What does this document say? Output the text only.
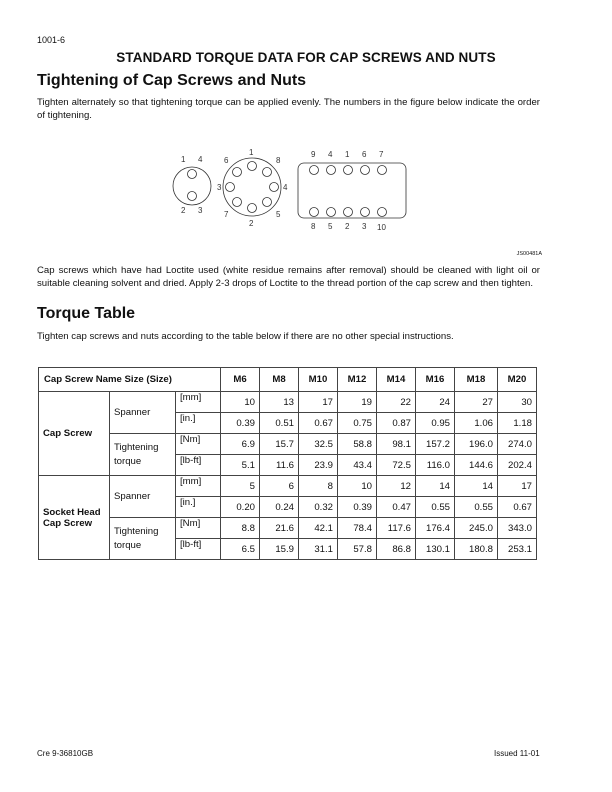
1001-6
STANDARD TORQUE DATA FOR CAP SCREWS AND NUTS
Tightening of Cap Screws and Nuts
Tighten alternately so that tightening torque can be applied evenly. The numbers in the figure below indicate the order of tightening.
1 4
2 3
1
2
3	4
5
6
7
8
9 4 1 6 7
8 5 2 3 10
JS00481A
Cap screws which have had Loctite used (white residue remains after removal) should be cleaned with light oil or suitable cleaning solvent and dried. Apply 2-3 drops of Loctite to the thread portion of the cap screw and then tighten.
Torque Table
Tighten cap screws and nuts according to the table below if there are no other special instructions.
Cap Screw Name Size (Size)			M6	M8	M10	M12	M14	M16	M18	M20
Cap Screw	Spanner	[mm]	10	13	17	19	22	24	27	30
		[in.]	0.39	0.51	0.67	0.75	0.87	0.95	1.06	1.18
	Tightening torque	[Nm]	6.9	15.7	32.5	58.8	98.1	157.2	196.0	274.0
		[lb-ft]	5.1	11.6	23.9	43.4	72.5	116.0	144.6	202.4
Socket Head Cap Screw	Spanner	[mm]	5	6	8	10	12	14	14	17
		[in.]	0.20	0.24	0.32	0.39	0.47	0.55	0.55	0.67
	Tightening torque	[Nm]	8.8	21.6	42.1	78.4	117.6	176.4	245.0	343.0
		[lb-ft]	6.5	15.9	31.1	57.8	86.8	130.1	180.8	253.1
Cre 9-36810GB	Issued 11-01
